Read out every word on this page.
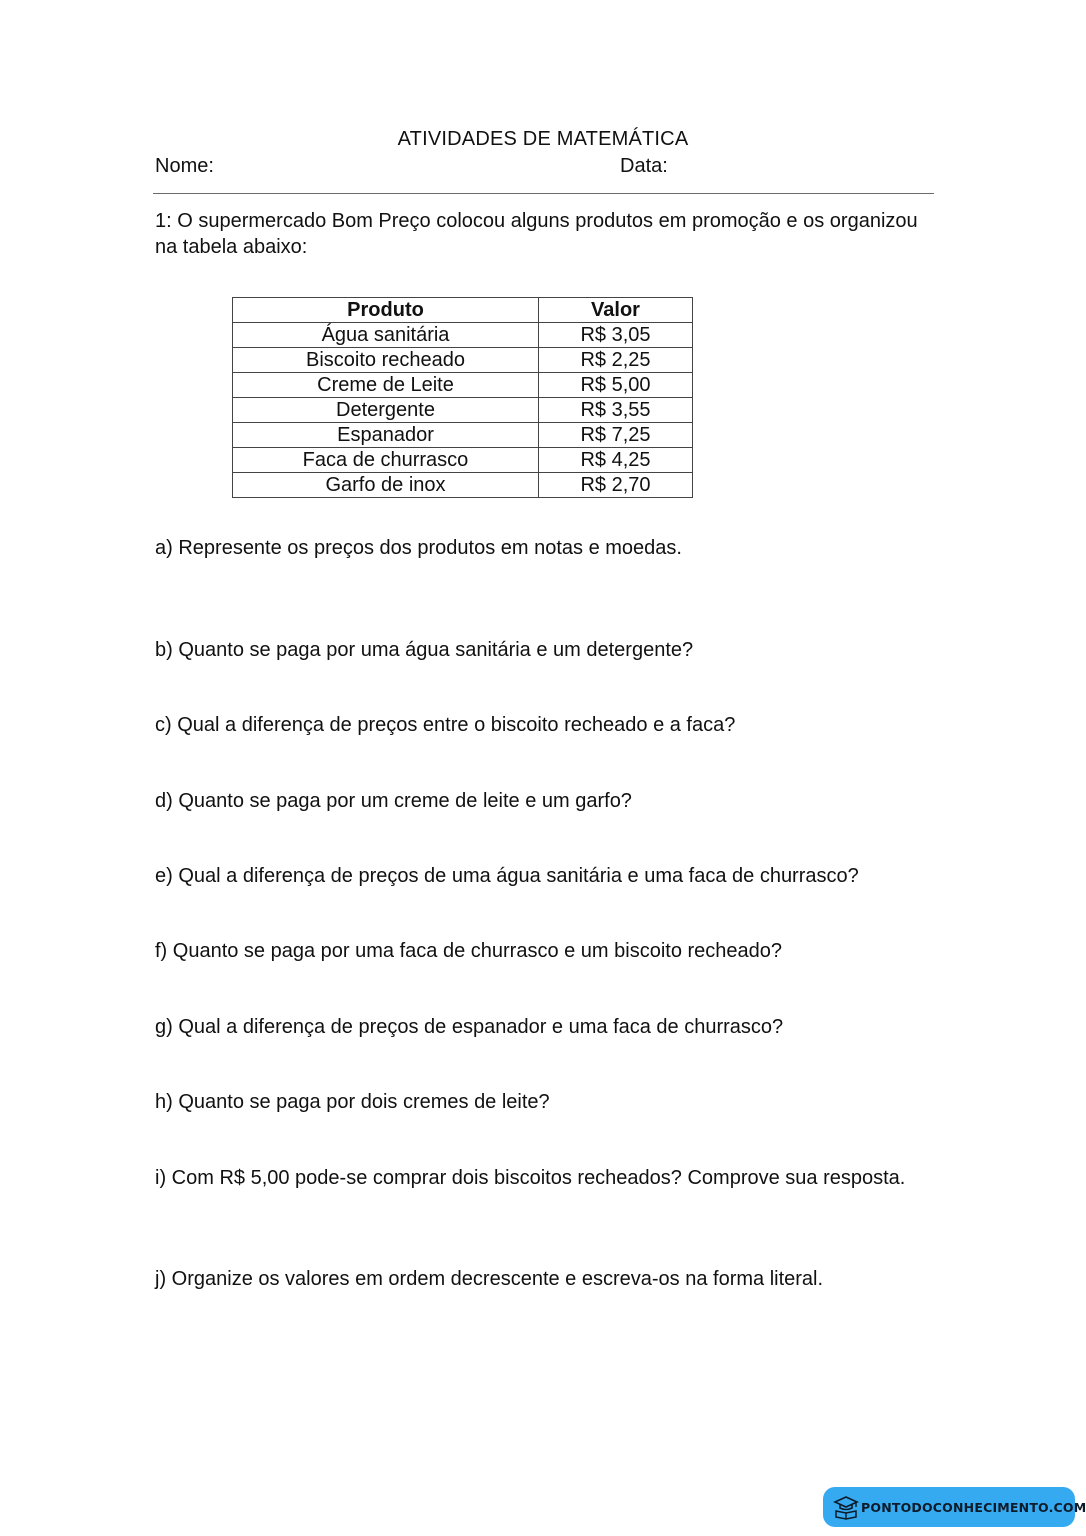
ATIVIDADES DE MATEMÁTICA
Nome:	Data:
1: O supermercado Bom Preço colocou alguns produtos em promoção e os organizou na tabela abaixo:
Produto	Valor
Água sanitária	R$ 3,05
Biscoito recheado	R$ 2,25
Creme de Leite	R$ 5,00
Detergente	R$ 3,55
Espanador	R$ 7,25
Faca de churrasco	R$ 4,25
Garfo de inox	R$ 2,70
a) Represente os preços dos produtos em notas e moedas.
b) Quanto se paga por uma água sanitária e um detergente?
c) Qual a diferença de preços entre o biscoito recheado e a faca?
d) Quanto se paga por um creme de leite e um garfo?
e) Qual a diferença de preços de uma água sanitária e uma faca de churrasco?
f) Quanto se paga por uma faca de churrasco e um biscoito recheado?
g) Qual a diferença de preços de espanador e uma faca de churrasco?
h) Quanto se paga por dois cremes de leite?
i) Com R$ 5,00 pode-se comprar dois biscoitos recheados? Comprove sua resposta.
j) Organize os valores em ordem decrescente e escreva-os na forma literal.
PONTODOCONHECIMENTO.COM
